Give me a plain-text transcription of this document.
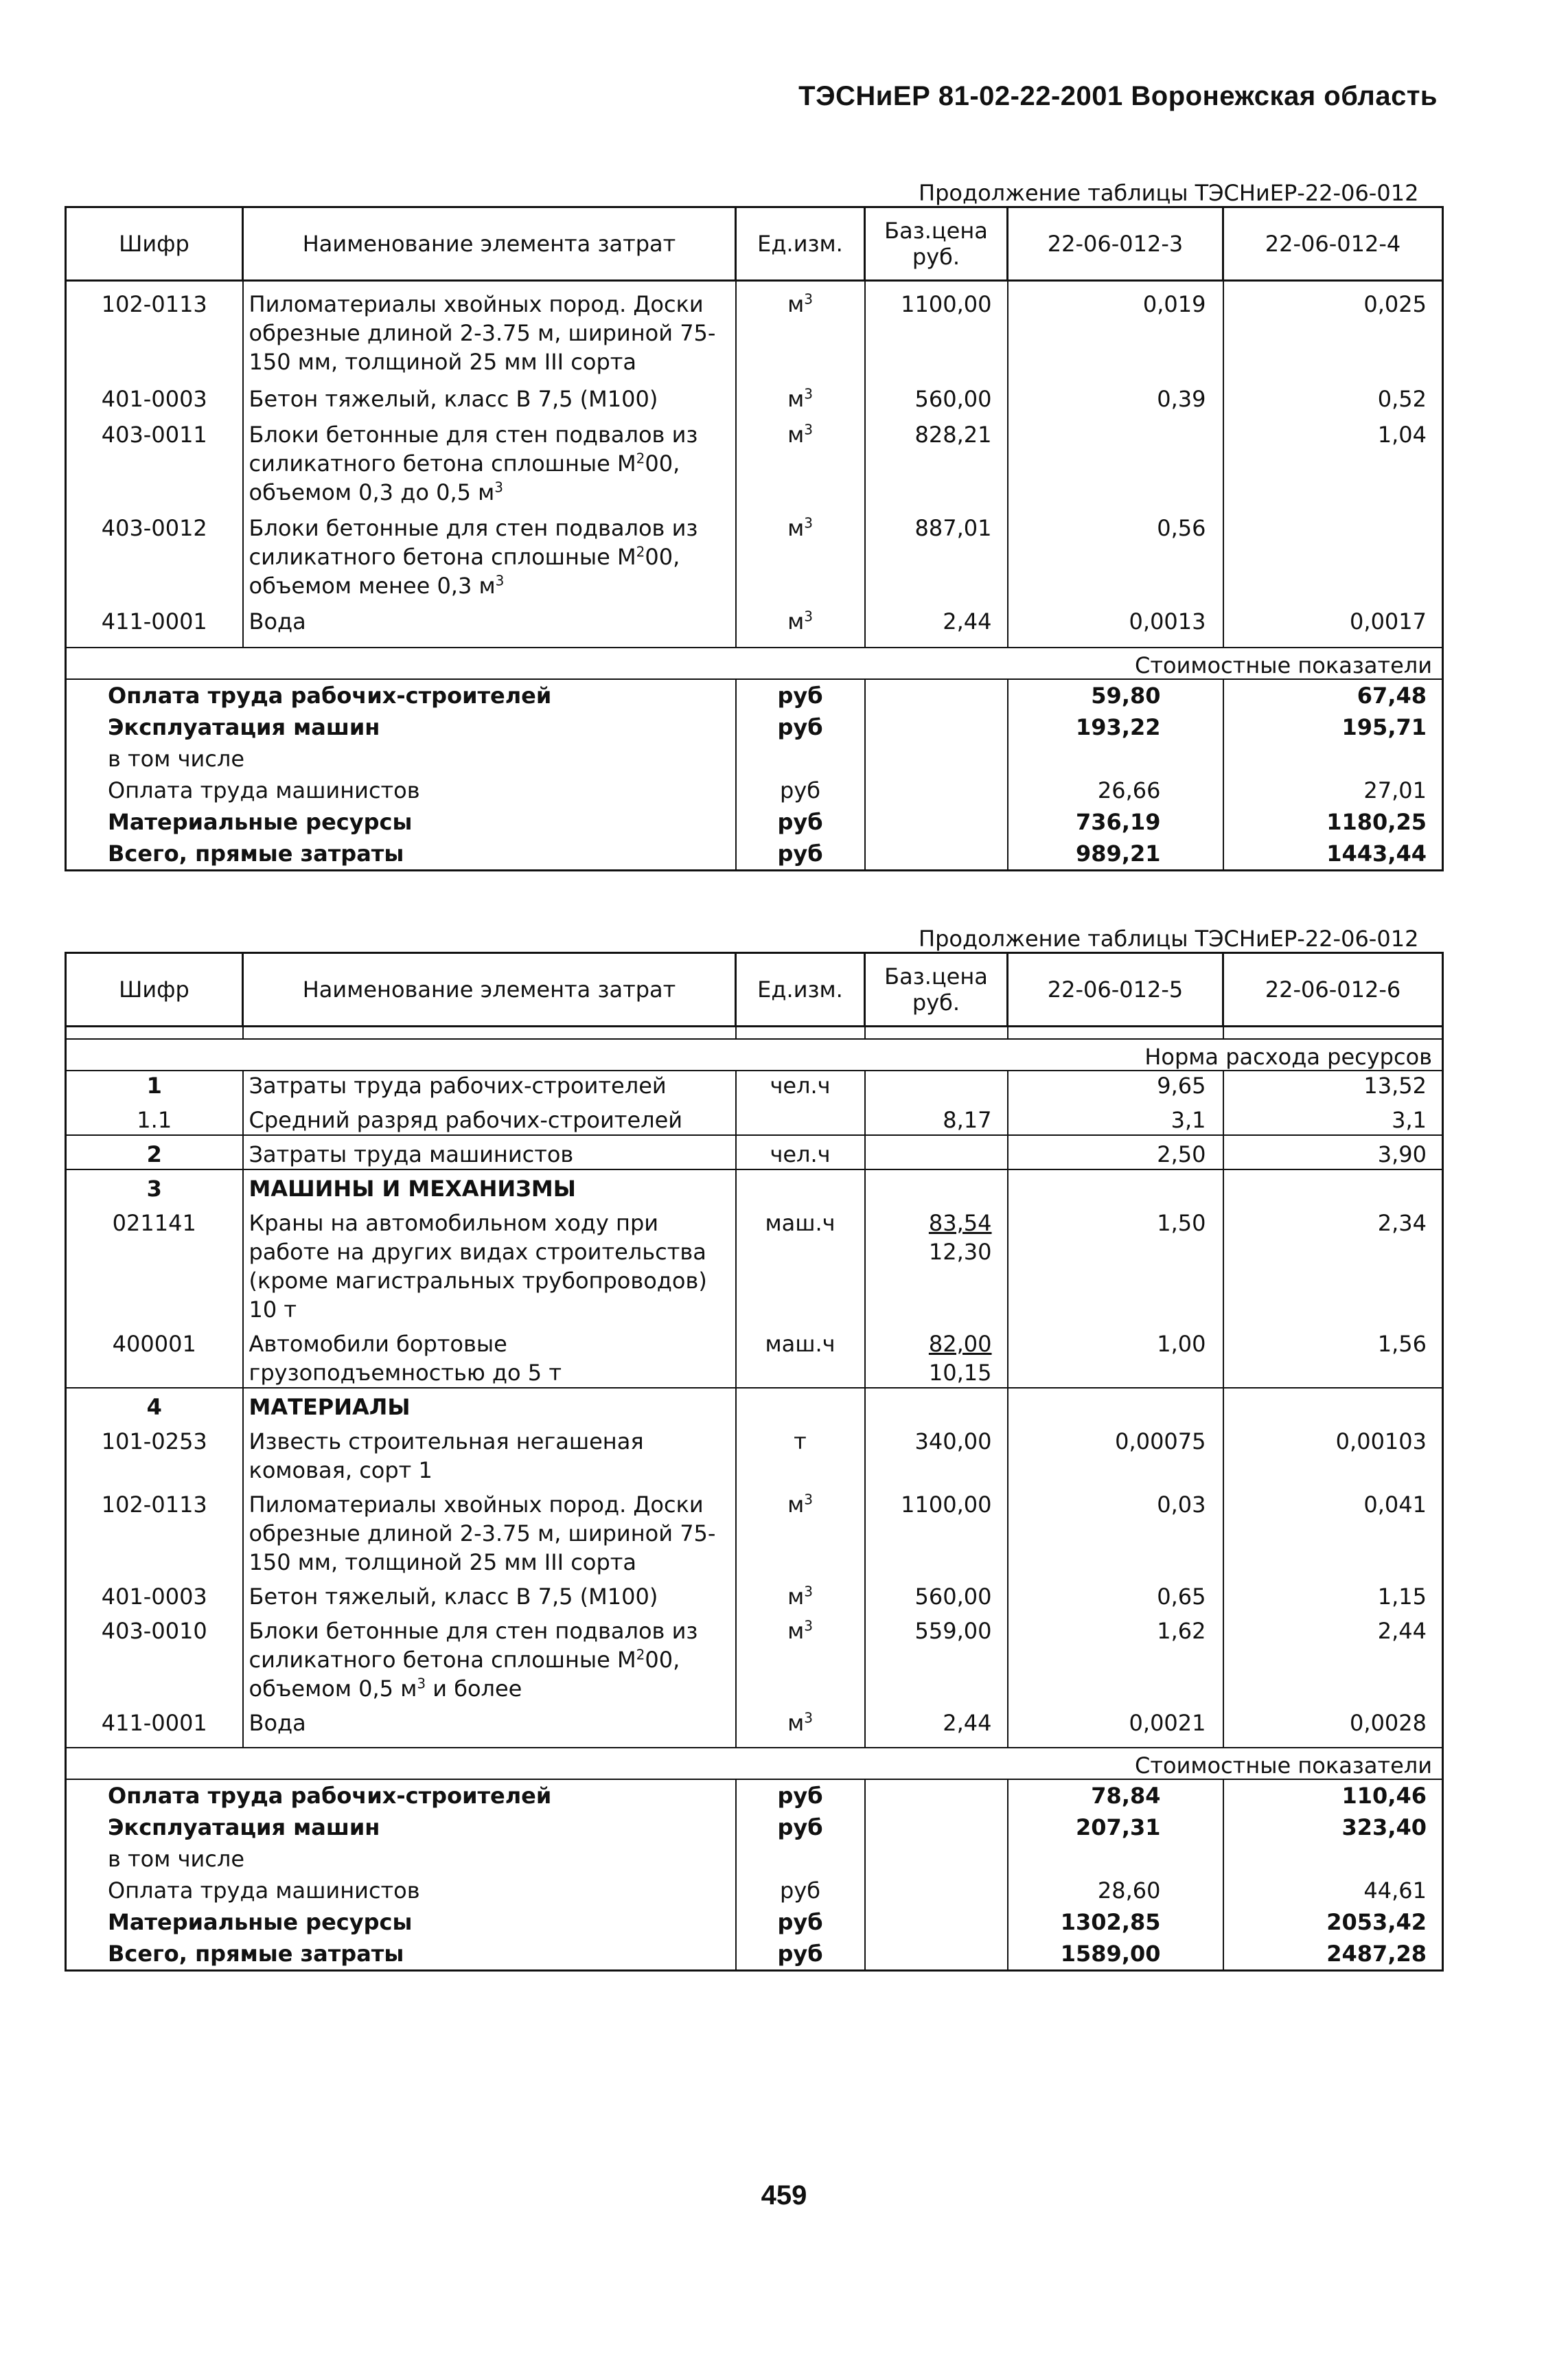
ТЭСНиЕР 81-02-22-2001 Воронежская область
Продолжение таблицы ТЭСНиЕР-22-06-012
Шифр	Наименование элемента затрат	Ед.изм.	Баз.цена руб.	22-06-012-3	22-06-012-4

102-0113	Пиломатериалы хвойных пород. Доски обрезные длиной 2-3.75 м, шириной 75-150 мм, толщиной 25 мм III сорта	$м^3$	1100,00	0,019	0,025

401-0003	Бетон тяжелый, класс В 7,5 (М100)	$м^3$	560,00	0,39	0,52

403-0011	Блоки бетонные для стен подвалов из силикатного бетона сплошные $М^200$, объемом 0,3 до 0,5 $м^3$	$м^3$	828,21		1,04

403-0012	Блоки бетонные для стен подвалов из силикатного бетона сплошные $М^200$, объемом менее 0,3 $м^3$	$м^3$	887,01	0,56	

411-0001	Вода	$м^3$	2,44	0,0013	0,0017

					Стоимостные показатели

Оплата труда рабочих-строителей		руб		59,80	67,48
Эксплуатация машин		руб		193,22	195,71
в том числе					
Оплата труда машинистов		руб		26,66	27,01
Материальные ресурсы		руб		736,19	1180,25
Всего, прямые затраты		руб		989,21	1443,44
Продолжение таблицы ТЭСНиЕР-22-06-012
Шифр	Наименование элемента затрат	Ед.изм.	Баз.цена руб.	22-06-012-5	22-06-012-6

					Норма расхода ресурсов

1	Затраты труда рабочих-строителей	чел.ч		9,65	13,52

1.1	Средний разряд рабочих-строителей		8,17	3,1	3,1

2	Затраты труда машинистов	чел.ч		2,50	3,90

3	МАШИНЫ И МЕХАНИЗМЫ				

021141	Краны на автомобильном ходу при работе на других видах строительства (кроме магистральных трубопроводов) 10 т	маш.ч	83,54
12,30	1,50	2,34

400001	Автомобили бортовые грузоподъемностью до 5 т	маш.ч	82,00
10,15	1,00	1,56

4	МАТЕРИАЛЫ				

101-0253	Известь строительная негашеная комовая, сорт 1	т	340,00	0,00075	0,00103

102-0113	Пиломатериалы хвойных пород. Доски обрезные длиной 2-3.75 м, шириной 75-150 мм, толщиной 25 мм III сорта	$м^3$	1100,00	0,03	0,041

401-0003	Бетон тяжелый, класс В 7,5 (М100)	$м^3$	560,00	0,65	1,15

403-0010	Блоки бетонные для стен подвалов из силикатного бетона сплошные $М^200$, объемом 0,5 $м^3$ и более	$м^3$	559,00	1,62	2,44

411-0001	Вода	$м^3$	2,44	0,0021	0,0028

					Стоимостные показатели

Оплата труда рабочих-строителей		руб		78,84	110,46
Эксплуатация машин		руб		207,31	323,40
в том числе					
Оплата труда машинистов		руб		28,60	44,61
Материальные ресурсы		руб		1302,85	2053,42
Всего, прямые затраты		руб		1589,00	2487,28
459
